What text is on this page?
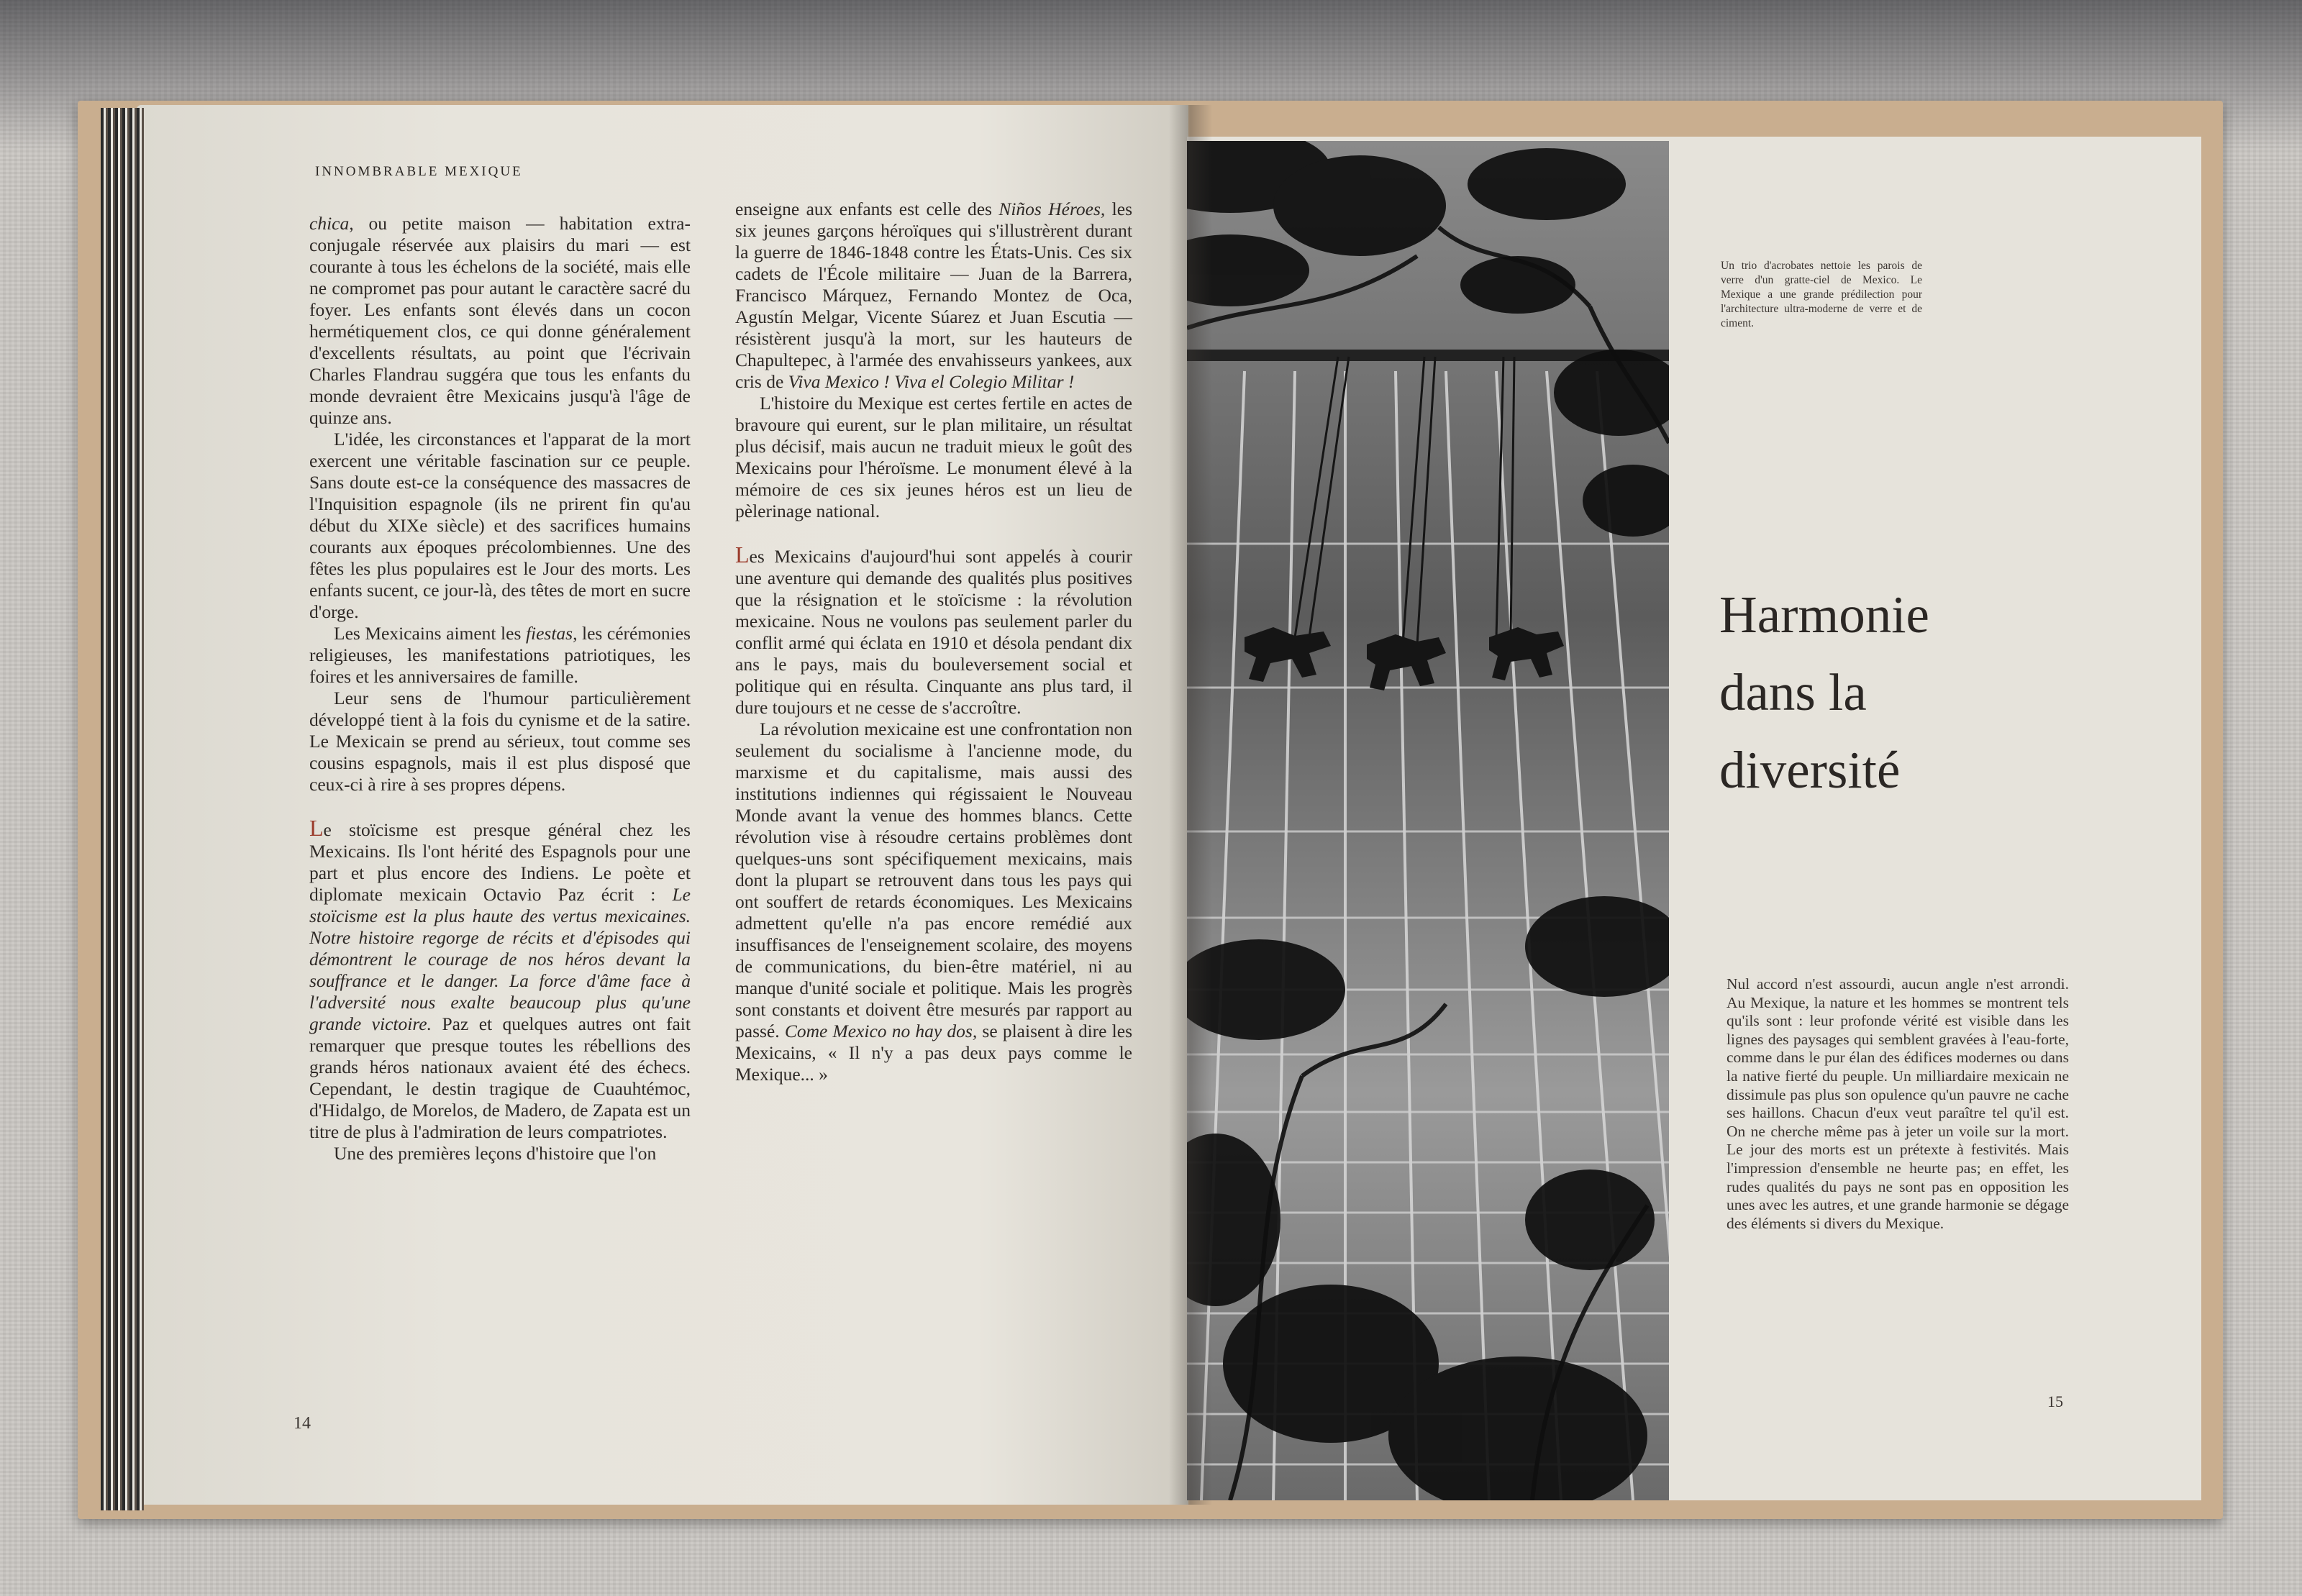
INNOMBRABLE MEXIQUE

chica, ou petite maison — habitation extra-conjugale réservée aux plaisirs du mari — est courante à tous les échelons de la société, mais elle ne compromet pas pour autant le caractère sacré du foyer. Les enfants sont élevés dans un cocon hermétiquement clos, ce qui donne généralement d'excellents résultats, au point que l'écrivain Charles Flandrau suggéra que tous les enfants du monde devraient être Mexicains jusqu'à l'âge de quinze ans.

L'idée, les circonstances et l'apparat de la mort exercent une véritable fascination sur ce peuple. Sans doute est-ce la conséquence des massacres de l'Inquisition espagnole (ils ne prirent fin qu'au début du XIXe siècle) et des sacrifices humains courants aux époques précolombiennes. Une des fêtes les plus populaires est le Jour des morts. Les enfants sucent, ce jour-là, des têtes de mort en sucre d'orge.

Les Mexicains aiment les fiestas, les cérémonies religieuses, les manifestations patriotiques, les foires et les anniversaires de famille.

Leur sens de l'humour particulièrement développé tient à la fois du cynisme et de la satire. Le Mexicain se prend au sérieux, tout comme ses cousins espagnols, mais il est plus disposé que ceux-ci à rire à ses propres dépens.

Le stoïcisme est presque général chez les Mexicains. Ils l'ont hérité des Espagnols pour une part et plus encore des Indiens. Le poète et diplomate mexicain Octavio Paz écrit : Le stoïcisme est la plus haute des vertus mexicaines. Notre histoire regorge de récits et d'épisodes qui démontrent le courage de nos héros devant la souffrance et le danger. La force d'âme face à l'adversité nous exalte beaucoup plus qu'une grande victoire. Paz et quelques autres ont fait remarquer que presque toutes les rébellions des grands héros nationaux avaient été des échecs. Cependant, le destin tragique de Cuauhtémoc, d'Hidalgo, de Morelos, de Madero, de Zapata est un titre de plus à l'admiration de leurs compatriotes.

Une des premières leçons d'histoire que l'on

enseigne aux enfants est celle des Niños Héroes, les six jeunes garçons héroïques qui s'illustrèrent durant la guerre de 1846-1848 contre les États-Unis. Ces six cadets de l'École militaire — Juan de la Barrera, Francisco Márquez, Fernando Montez de Oca, Agustín Melgar, Vicente Súarez et Juan Escutia — résistèrent jusqu'à la mort, sur les hauteurs de Chapultepec, à l'armée des envahisseurs yankees, aux cris de Viva Mexico ! Viva el Colegio Militar !

L'histoire du Mexique est certes fertile en actes de bravoure qui eurent, sur le plan militaire, un résultat plus décisif, mais aucun ne traduit mieux le goût des Mexicains pour l'héroïsme. Le monument élevé à la mémoire de ces six jeunes héros est un lieu de pèlerinage national.

Les Mexicains d'aujourd'hui sont appelés à courir une aventure qui demande des qualités plus positives que la résignation et le stoïcisme : la révolution mexicaine. Nous ne voulons pas seulement parler du conflit armé qui éclata en 1910 et désola pendant dix ans le pays, mais du bouleversement social et politique qui en résulta. Cinquante ans plus tard, il dure toujours et ne cesse de s'accroître.

La révolution mexicaine est une confrontation non seulement du socialisme à l'ancienne mode, du marxisme et du capitalisme, mais aussi des institutions indiennes qui régissaient le Nouveau Monde avant la venue des hommes blancs. Cette révolution vise à résoudre certains problèmes dont quelques-uns sont spécifiquement mexicains, mais dont la plupart se retrouvent dans tous les pays qui ont souffert de retards économiques. Les Mexicains admettent qu'elle n'a pas encore remédié aux insuffisances de l'enseignement scolaire, des moyens de communications, du bien-être matériel, ni au manque d'unité sociale et politique. Mais les progrès sont constants et doivent être mesurés par rapport au passé. Come Mexico no hay dos, se plaisent à dire les Mexicains, « Il n'y a pas deux pays comme le Mexique... »

14
Un trio d'acrobates nettoie les parois de verre d'un gratte-ciel de Mexico. Le Mexique a une grande prédilection pour l'architecture ultra-moderne de verre et de ciment.
Harmonie
dans la
diversité

Nul accord n'est assourdi, aucun angle n'est arrondi. Au Mexique, la nature et les hommes se montrent tels qu'ils sont : leur profonde vérité est visible dans les lignes des paysages qui semblent gravées à l'eau-forte, comme dans le pur élan des édifices modernes ou dans la native fierté du peuple. Un milliardaire mexicain ne dissimule pas plus son opulence qu'un pauvre ne cache ses haillons. Chacun d'eux veut paraître tel qu'il est. On ne cherche même pas à jeter un voile sur la mort. Le jour des morts est un prétexte à festivités. Mais l'impression d'ensemble ne heurte pas; en effet, les rudes qualités du pays ne sont pas en opposition les unes avec les autres, et une grande harmonie se dégage des éléments si divers du Mexique.

15
